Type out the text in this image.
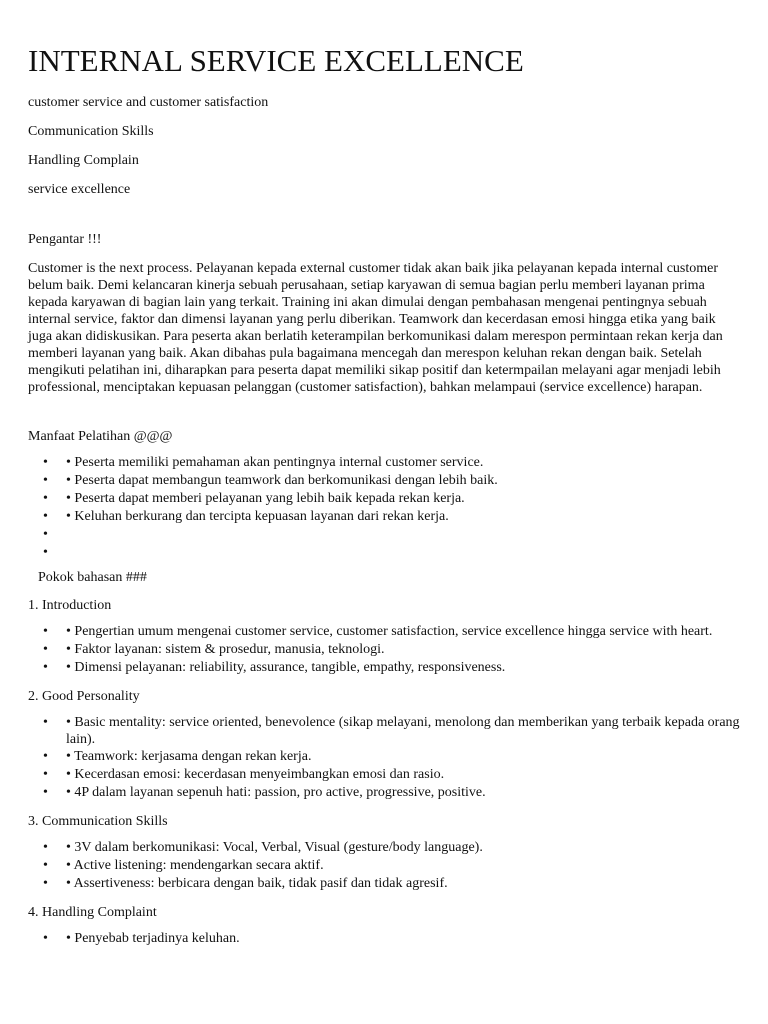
INTERNAL SERVICE EXCELLENCE

customer service and customer satisfaction

Communication Skills

Handling Complain

service excellence

Pengantar !!!

Customer is the next process. Pelayanan kepada external customer tidak akan baik jika pelayanan kepada internal customer belum baik. Demi kelancaran kinerja sebuah perusahaan, setiap karyawan di semua bagian perlu memberi layanan prima kepada karyawan di bagian lain yang terkait. Training ini akan dimulai dengan pembahasan mengenai pentingnya sebuah internal service, faktor dan dimensi layanan yang perlu diberikan. Teamwork dan kecerdasan emosi hingga etika yang baik juga akan didiskusikan. Para peserta akan berlatih keterampilan berkomunikasi dalam merespon permintaan rekan kerja dan memberi layanan yang baik. Akan dibahas pula bagaimana mencegah dan merespon keluhan rekan dengan baik. Setelah mengikuti pelatihan ini, diharapkan para peserta dapat memiliki sikap positif dan ketermpailan melayani agar menjadi lebih professional, menciptakan kepuasan pelanggan (customer satisfaction), bahkan melampaui (service excellence) harapan.

Manfaat Pelatihan @@@

• • Peserta memiliki pemahaman akan pentingnya internal customer service.
• • Peserta dapat membangun teamwork dan berkomunikasi dengan lebih baik.
• • Peserta dapat memberi pelayanan yang lebih baik kepada rekan kerja.
• • Keluhan berkurang dan tercipta kepuasan layanan dari rekan kerja.
•
•

Pokok bahasan ###

1. Introduction

• • Pengertian umum mengenai customer service, customer satisfaction, service excellence hingga service with heart.
• • Faktor layanan: sistem & prosedur, manusia, teknologi.
• • Dimensi pelayanan: reliability, assurance, tangible, empathy, responsiveness.

2. Good Personality

• • Basic mentality: service oriented, benevolence (sikap melayani, menolong dan memberikan yang terbaik kepada orang lain).
• • Teamwork: kerjasama dengan rekan kerja.
• • Kecerdasan emosi: kecerdasan menyeimbangkan emosi dan rasio.
• • 4P dalam layanan sepenuh hati: passion, pro active, progressive, positive.

3. Communication Skills

• • 3V dalam berkomunikasi: Vocal, Verbal, Visual (gesture/body language).
• • Active listening: mendengarkan secara aktif.
• • Assertiveness: berbicara dengan baik, tidak pasif dan tidak agresif.

4. Handling Complaint

• • Penyebab terjadinya keluhan.
